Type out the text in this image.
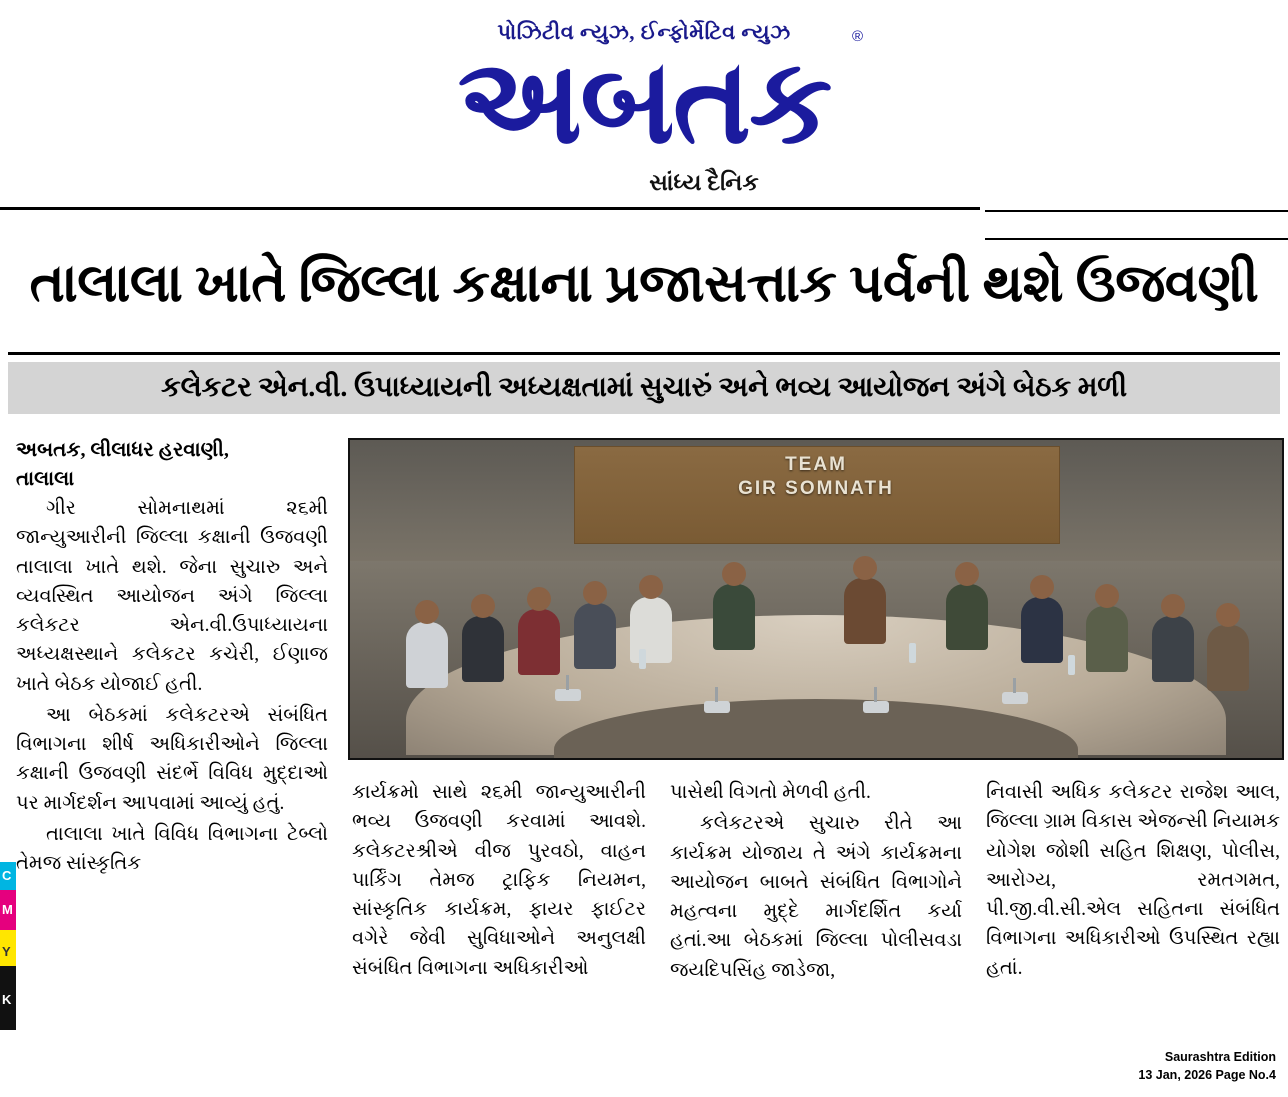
પોઝિટીવ ન્યુઝ, ઈન્ફોર્મેટિવ ન્યુઝ
અબતક
®
સાંધ્ય દૈનિક
તાલાલા ખાતે જિલ્લા કક્ષાના પ્રજાસત્તાક પર્વની થશે ઉજવણી
કલેકટર એન.વી. ઉપાધ્યાયની અધ્યક્ષતામાં સુચારું અને ભવ્ય આયોજન અંગે બેઠક મળી
અબતક, લીલાધર હરવાણી,
તાલાલા
TEAM
GIR SOMNATH

ગીર સોમનાથમાં ૨૬મી જાન્યુઆરીની જિલ્લા કક્ષાની ઉજવણી તાલાલા ખાતે થશે. જેના સુચારુ અને વ્યવસ્થિત આયોજન અંગે જિલ્લા કલેકટર એન.વી.ઉપાધ્યાયના અધ્યક્ષસ્થાને કલેકટર કચેરી, ઈણાજ ખાતે બેઠક યોજાઈ હતી.

આ બેઠકમાં કલેકટરએ સંબંધિત વિભાગના શીર્ષ અધિકારીઓને જિલ્લા કક્ષાની ઉજવણી સંદર્ભે વિવિધ મુદ્દાઓ પર માર્ગદર્શન આપવામાં આવ્યું હતું.

તાલાલા ખાતે વિવિધ વિભાગના ટેબ્લો તેમજ સાંસ્કૃતિક

કાર્યક્રમો સાથે ૨૬મી જાન્યુઆરીની ભવ્ય ઉજવણી કરવામાં આવશે. કલેકટરશ્રીએ વીજ પુરવઠો, વાહન પાર્કિંગ તેમજ ટ્રાફિક નિયમન, સાંસ્કૃતિક કાર્યક્રમ, ફાયર ફાઈટર વગેરે જેવી સુવિધાઓને અનુલક્ષી સંબંધિત વિભાગના અધિકારીઓ

પાસેથી વિગતો મેળવી હતી.

કલેકટરએ સુચારુ રીતે આ કાર્યક્રમ યોજાય તે અંગે કાર્યક્રમના આયોજન બાબતે સંબંધિત વિભાગોને મહત્વના મુદ્દે માર્ગદર્શિત કર્યા હતાં.આ બેઠકમાં જિલ્લા પોલીસવડા જયદિપસિંહ જાડેજા,

નિવાસી અધિક કલેકટર રાજેશ આલ, જિલ્લા ગ્રામ વિકાસ એજન્સી નિયામક યોગેશ જોશી સહિત શિક્ષણ, પોલીસ, આરોગ્ય, રમતગમત, પી.જી.વી.સી.એલ સહિતના સંબંધિત વિભાગના અધિકારીઓ ઉપસ્થિત રહ્યા હતાં.

C
M
Y
K
Saurashtra Edition
13 Jan, 2026 Page No.4
